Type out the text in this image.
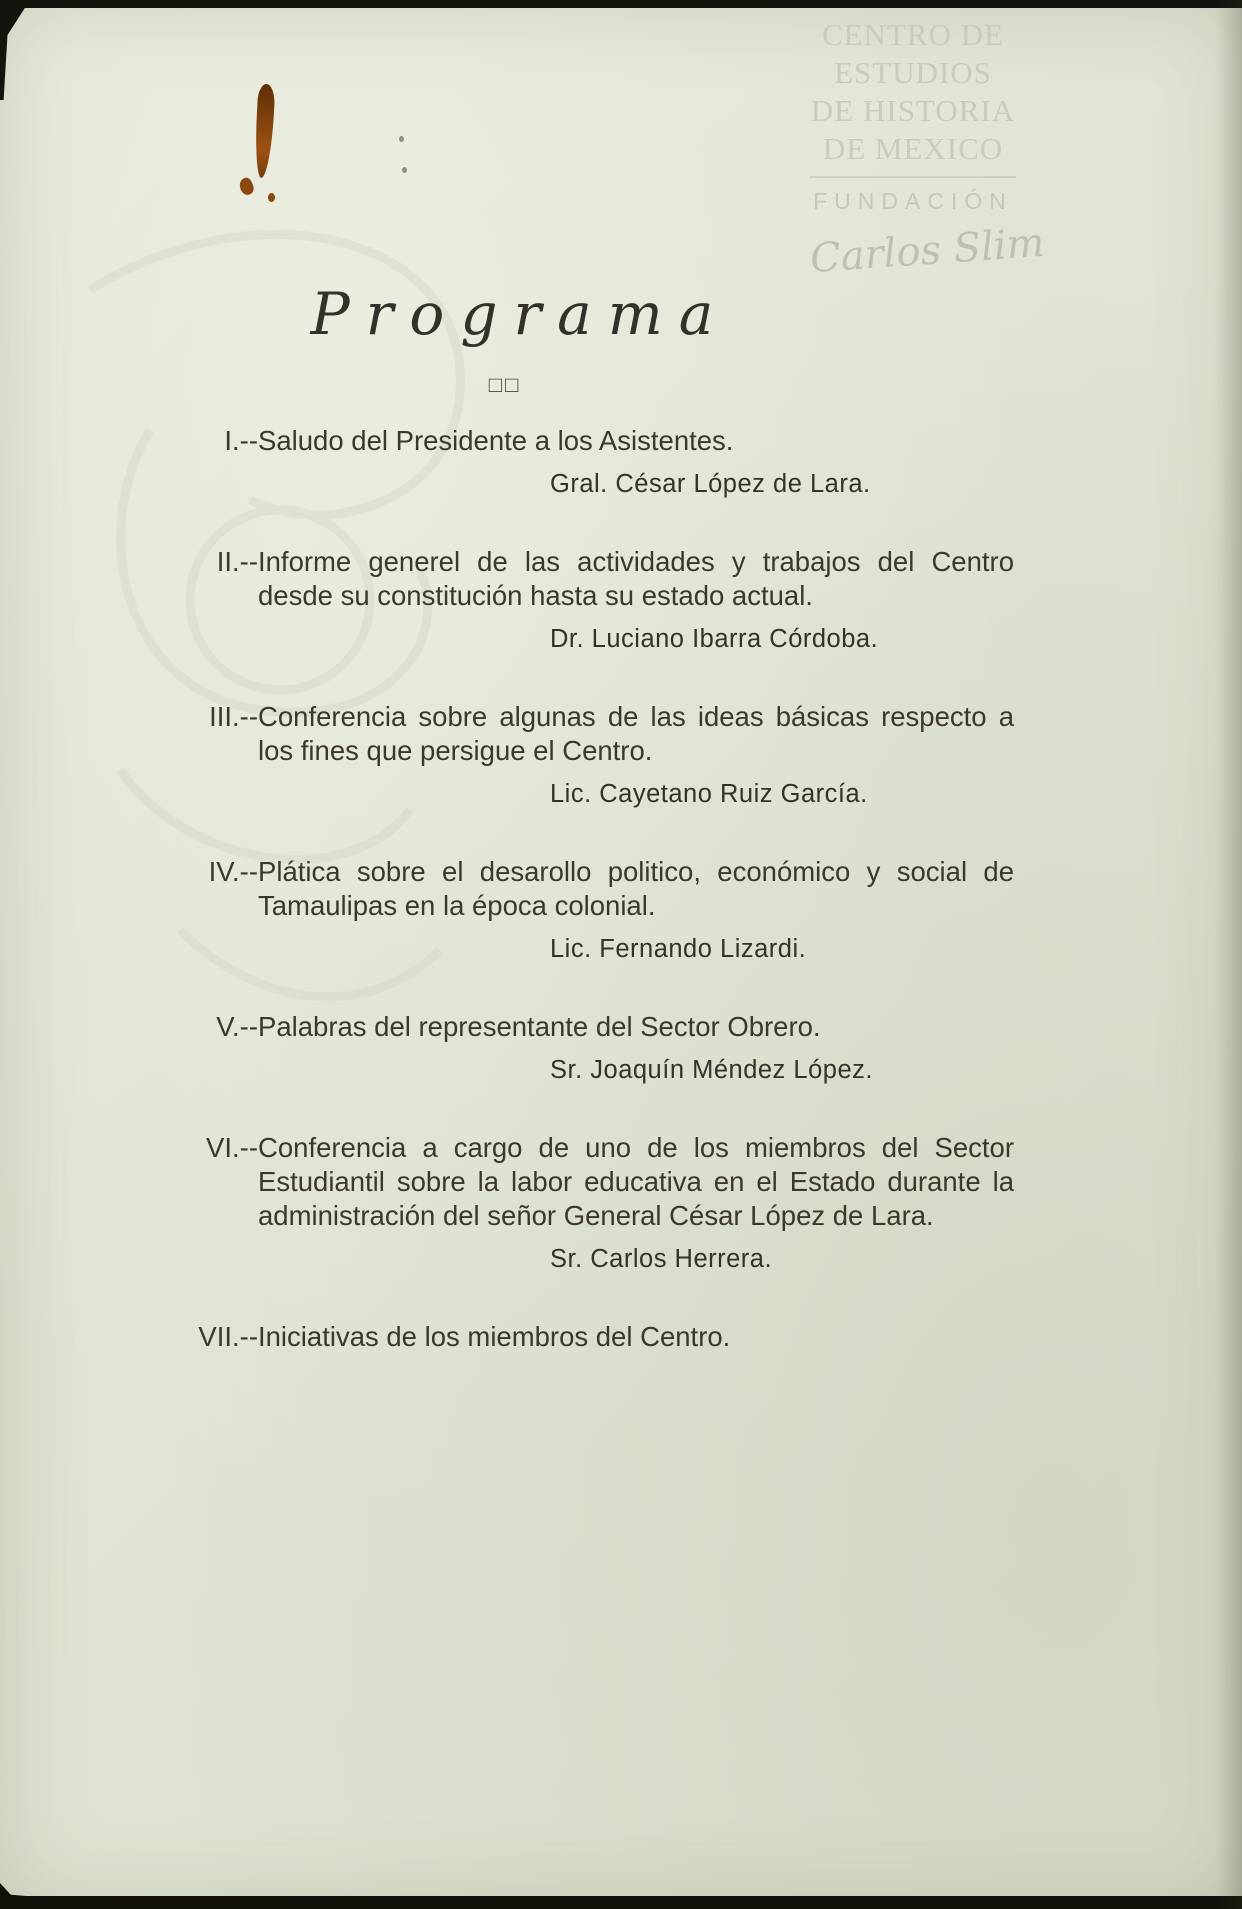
CENTRO DE
ESTUDIOS
DE HISTORIA
DE MEXICO
FUNDACIÓN
Carlos Slim
Programa
□□
I.--Saludo del Presidente a los Asistentes.
Gral. César López de Lara.
II.--Informe generel de las actividades y trabajos del Centro desde su constitución hasta su estado actual.
Dr. Luciano Ibarra Córdoba.
III.--Conferencia sobre algunas de las ideas básicas respecto a los fines que persigue el Centro.
Lic. Cayetano Ruiz García.
IV.--Plática sobre el desarollo politico, económico y social de Tamaulipas en la época colonial.
Lic. Fernando Lizardi.
V.--Palabras del representante del Sector Obrero.
Sr. Joaquín Méndez López.
VI.--Conferencia a cargo de uno de los miembros del Sector Estudiantil sobre la labor educativa en el Estado durante la administración del señor General César López de Lara.
Sr. Carlos Herrera.
VII.--Iniciativas de los miembros del Centro.
